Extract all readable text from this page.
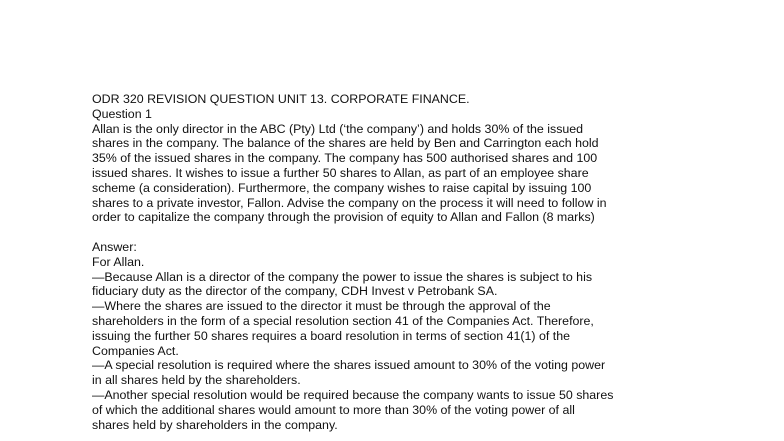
ODR 320 REVISION QUESTION UNIT 13. CORPORATE FINANCE.
Question 1
Allan is the only director in the ABC (Pty) Ltd (‘the company’) and holds 30% of the issued
shares in the company. The balance of the shares are held by Ben and Carrington each hold
35% of the issued shares in the company. The company has 500 authorised shares and 100
issued shares. It wishes to issue a further 50 shares to Allan, as part of an employee share
scheme (a consideration). Furthermore, the company wishes to raise capital by issuing 100
shares to a private investor, Fallon. Advise the company on the process it will need to follow in
order to capitalize the company through the provision of equity to Allan and Fallon (8 marks)
Answer:
For Allan.
—Because Allan is a director of the company the power to issue the shares is subject to his
fiduciary duty as the director of the company, CDH Invest v Petrobank SA.
—Where the shares are issued to the director it must be through the approval of the
shareholders in the form of a special resolution section 41 of the Companies Act. Therefore,
issuing the further 50 shares requires a board resolution in terms of section 41(1) of the
Companies Act.
—A special resolution is required where the shares issued amount to 30% of the voting power
in all shares held by the shareholders.
—Another special resolution would be required because the company wants to issue 50 shares
of which the additional shares would amount to more than 30% of the voting power of all
shares held by shareholders in the company.
